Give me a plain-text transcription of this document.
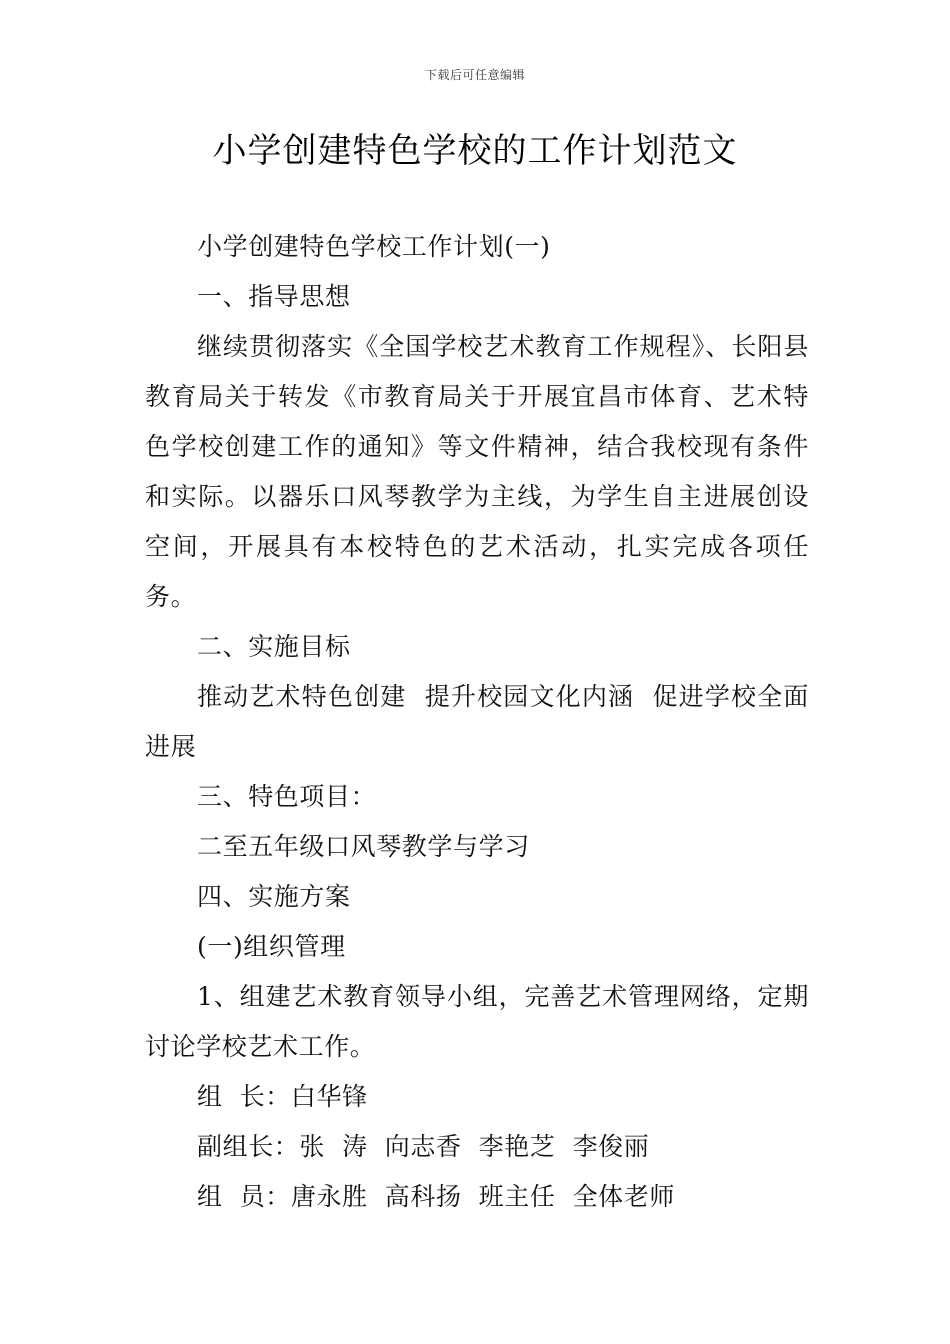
下载后可任意编辑
小学创建特色学校的工作计划范文

小学创建特色学校工作计划(一)

一、指导思想

继续贯彻落实《全国学校艺术教育工作规程》、长阳县教育局关于转发《市教育局关于开展宜昌市体育、艺术特色学校创建工作的通知》等文件精神，结合我校现有条件和实际。以器乐口风琴教学为主线，为学生自主进展创设空间，开展具有本校特色的艺术活动，扎实完成各项任务。

二、实施目标

推动艺术特色创建  提升校园文化内涵  促进学校全面进展

三、特色项目：

二至五年级口风琴教学与学习

四、实施方案

(一)组织管理

1、组建艺术教育领导小组，完善艺术管理网络，定期讨论学校艺术工作。

组  长：白华锋

副组长：张  涛  向志香  李艳芝  李俊丽

组  员：唐永胜  高科扬  班主任  全体老师
